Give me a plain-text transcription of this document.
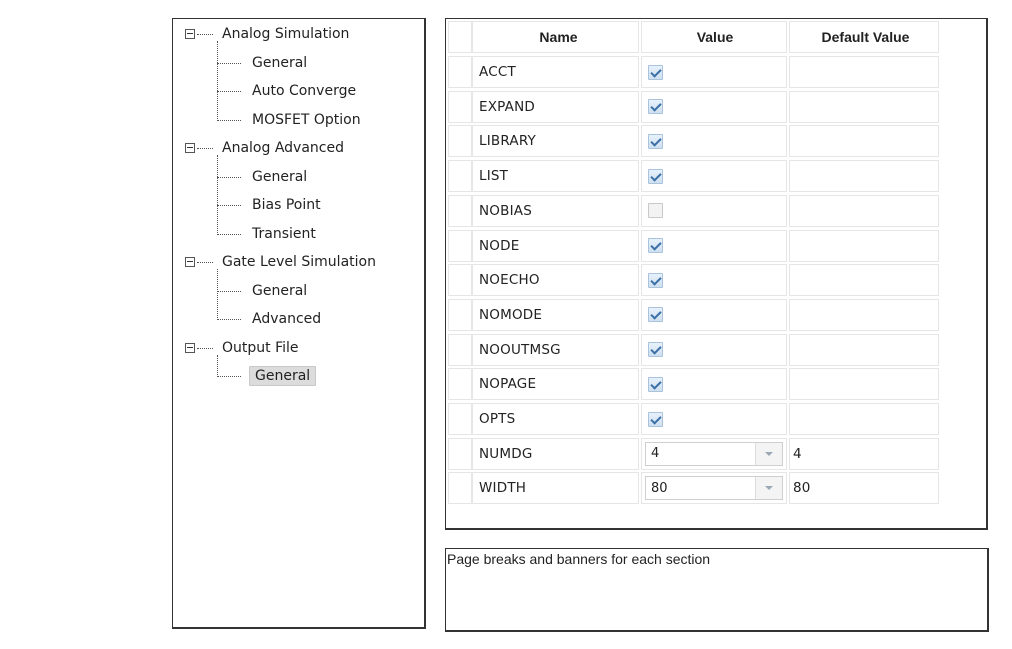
Analog Simulation
General
Auto Converge
MOSFET Option
Analog Advanced
General
Bias Point
Transient
Gate Level Simulation
General
Advanced
Output File
General
Name	Value	Default Value
ACCT
EXPAND
LIBRARY
LIST
NOBIAS
NODE
NOECHO
NOMODE
NOOUTMSG
NOPAGE
OPTS
NUMDG	4	4
WIDTH	80	80
Page breaks and banners for each section
